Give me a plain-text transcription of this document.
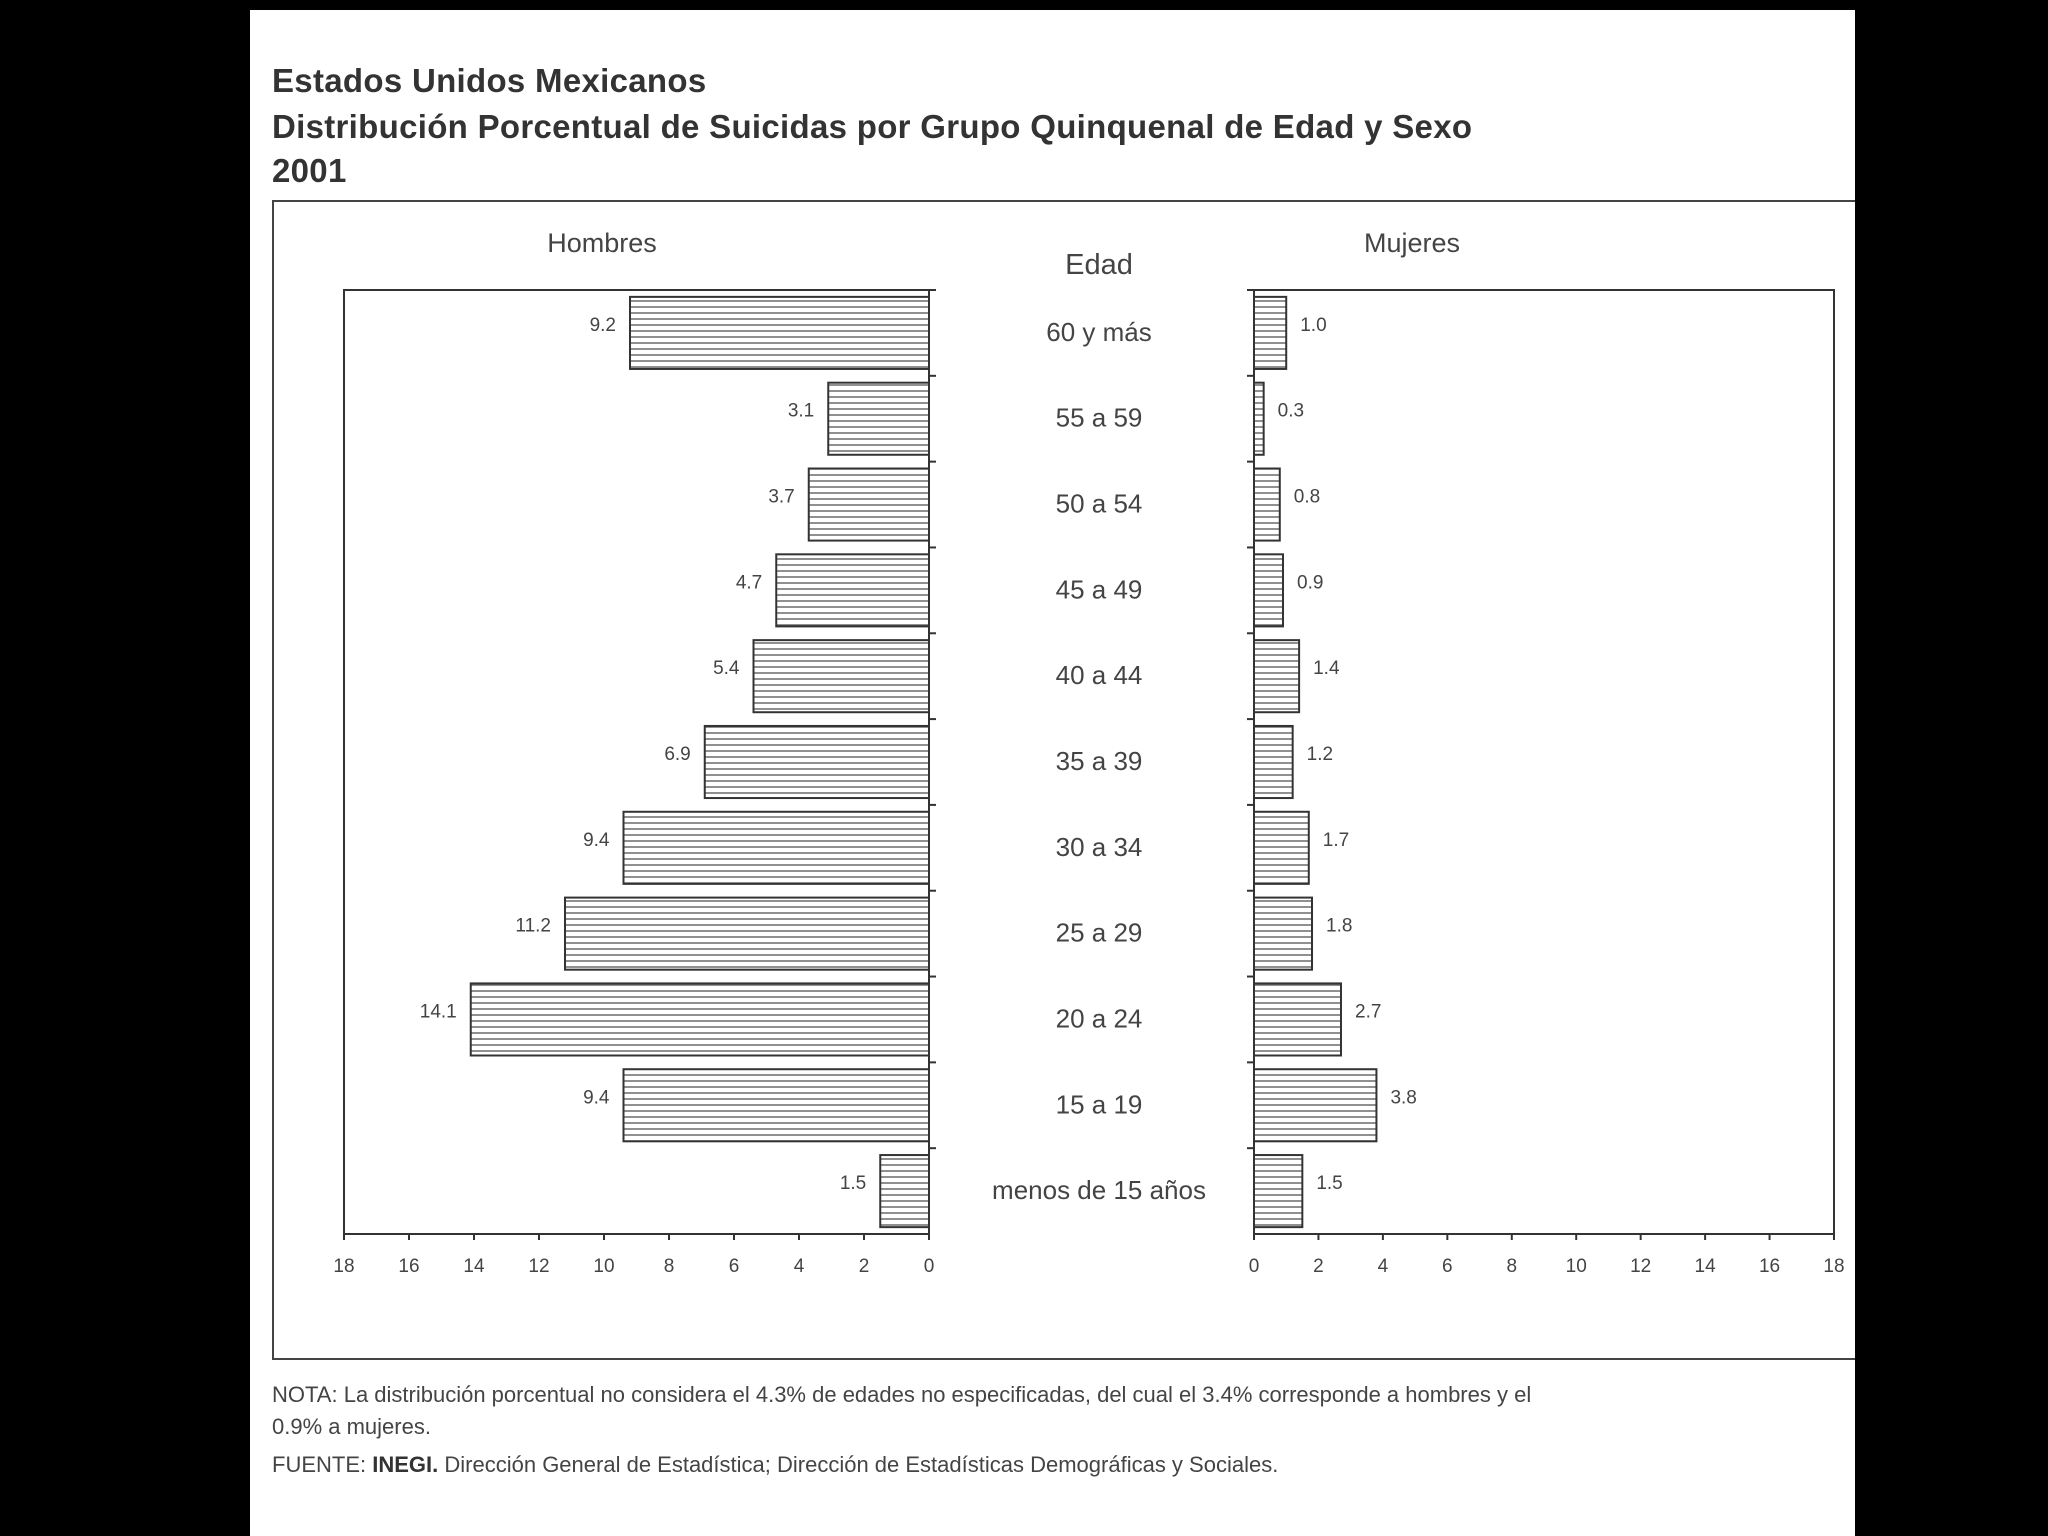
Estados Unidos Mexicanos
Distribución Porcentual de Suicidas por Grupo Quinquenal de Edad y Sexo
2001
Hombres
9.2
3.1
3.7
4.7
5.4
6.9
9.4
11.2
14.1
9.4
1.5
18 16 14 12 10	8	6	4	2	0
Mujeres
1.0
0.3
0.8
0.9
1.4
1.2
1.7
1.8
2.7
3.8
1.5
0	2	4	6	8	10 12 14 16 18
Edad
60 y más
55 a 59
50 a 54
45 a 49
40 a 44
35 a 39
30 a 34
25 a 29
20 a 24
15 a 19
menos de 15 años
NOTA: La distribución porcentual no considera el 4.3% de edades no especificadas, del cual el 3.4% corresponde a hombres y el
0.9% a mujeres.
FUENTE: INEGI. Dirección General de Estadística; Dirección de Estadísticas Demográficas y Sociales.
